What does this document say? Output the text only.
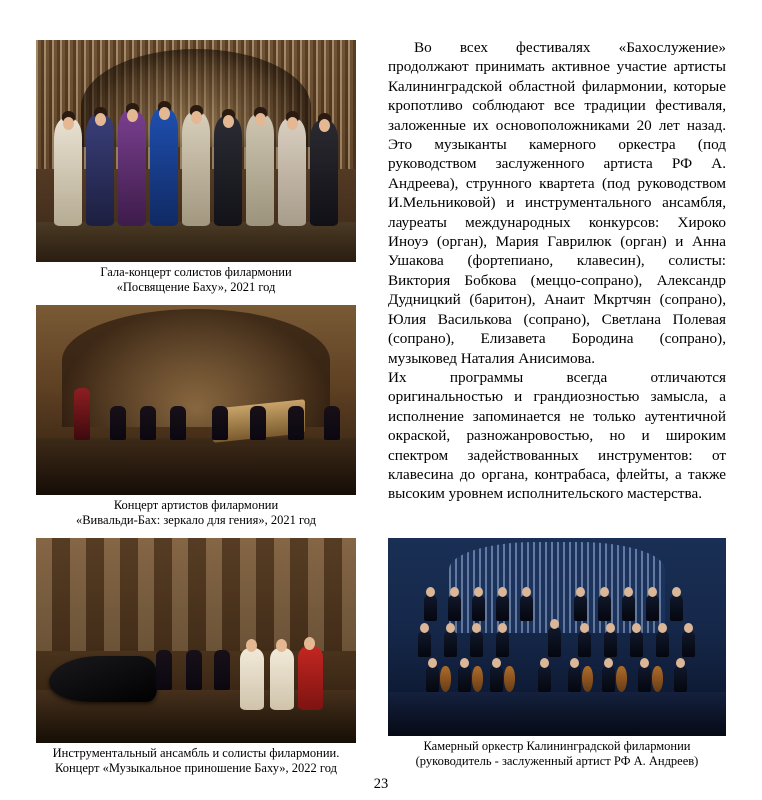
Гала-концерт солистов филармонии
«Посвящение Баху», 2021 год
Концерт артистов филармонии
«Вивальди-Бах: зеркало для гения», 2021 год
Инструментальный ансамбль и солисты филармонии.
Концерт «Музыкальное приношение Баху», 2022 год

Во всех фестивалях «Бахослужение» продолжают принимать активное участие артисты Калининградской областной филармонии, которые кропотливо соблюдают все традиции фестиваля, заложенные их основоположниками 20 лет назад. Это музыканты камерного оркестра (под руководством заслуженного артиста РФ А. Андреева), струнного квартета (под руководством И.Мельниковой) и инструментального ансамбля, лауреаты международных конкурсов: Хироко Иноуэ (орган), Мария Гаврилюк (орган) и Анна Ушакова (фортепиано, клавесин), солисты: Виктория Бобкова (меццо-сопрано), Александр Дудницкий (баритон), Анаит Мкртчян (сопрано), Юлия Василькова (сопрано), Светлана Полевая (сопрано), Елизавета Бородина (сопрано), музыковед Наталия Анисимова.

Их программы всегда отличаются оригинальностью и грандиозностью замысла, а исполнение запоминается не только аутентичной окраской, разножанровостью, но и широким спектром задействованных инструментов: от клавесина до органа, контрабаса, флейты, а также высоким уровнем исполнительского мастерства.

Камерный оркестр Калининградской филармонии
(руководитель - заслуженный артист РФ А. Андреев)
23
